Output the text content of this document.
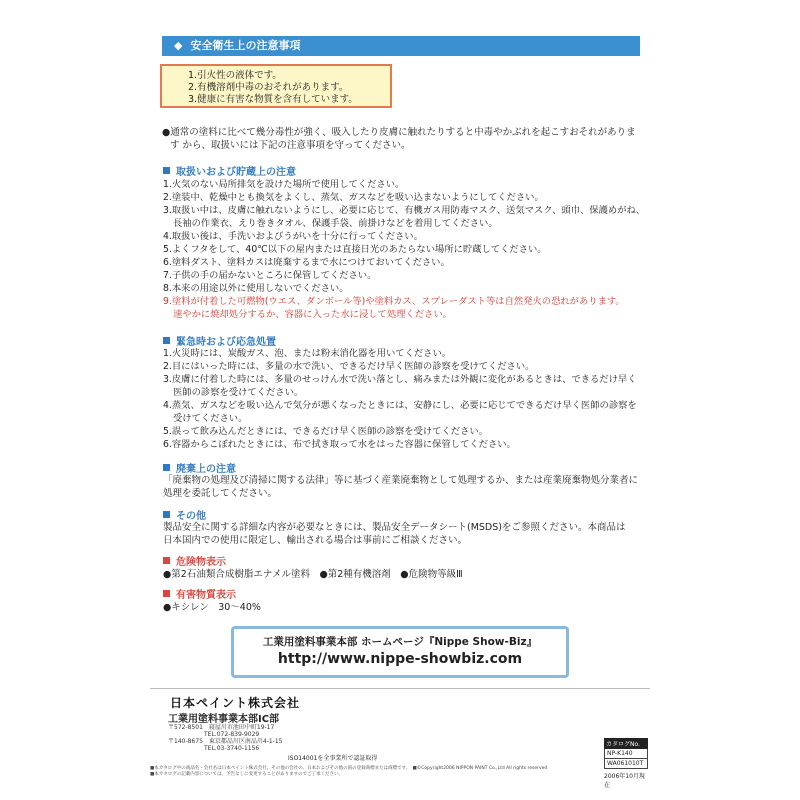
◆ 安全衛生上の注意事項
1.引火性の液体です。
2.有機溶剤中毒のおそれがあります。
3.健康に有害な物質を含有しています。
●通常の塗料に比べて幾分毒性が強く、吸入したり皮膚に触れたりすると中毒やかぶれを起こすおそれがありま
す から、取扱いには下記の注意事項を守ってください。
取扱いおよび貯蔵上の注意
1.火気のない局所排気を設けた場所で使用してください。
2.塗装中、乾燥中とも換気をよくし、蒸気、ガスなどを吸い込まないようにしてください。
3.取扱い中は、皮膚に触れないようにし、必要に応じて、有機ガス用防毒マスク、送気マスク、頭巾、保護めがね、
長袖の作業衣、えり巻きタオル、保護手袋、前掛けなどを着用してください。
4.取扱い後は、手洗いおよびうがいを十分に行ってください。
5.よくフタをして、40℃以下の屋内または直接日光のあたらない場所に貯蔵してください。
6.塗料ダスト、塗料カスは廃棄するまで水につけておいてください。
7.子供の手の届かないところに保管してください。
8.本来の用途以外に使用しないでください。
9.塗料が付着した可燃物(ウエス、ダンボール等)や塗料カス、スプレーダスト等は自然発火の恐れがあります。
速やかに焼却処分するか、容器に入った水に浸して処理ください。
緊急時および応急処置
1.火災時には、炭酸ガス、泡、または粉末消化器を用いてください。
2.目にはいった時には、多量の水で洗い、できるだけ早く医師の診察を受けてください。
3.皮膚に付着した時には、多量のせっけん水で洗い落とし、痛みまたは外観に変化があるときは、できるだけ早く
医師の診察を受けてください。
4.蒸気、ガスなどを吸い込んで気分が悪くなったときには、安静にし、必要に応じてできるだけ早く医師の診察を
受けてください。
5.誤って飲み込んだときには、できるだけ早く医師の診察を受けてください。
6.容器からこぼれたときには、布で拭き取って水をはった容器に保管してください。
廃棄上の注意
「廃棄物の処理及び清掃に関する法律」等に基づく産業廃棄物として処理するか、または産業廃棄物処分業者に
処理を委託してください。
その他
製品安全に関する詳細な内容が必要なときには、製品安全データシート(MSDS)をご参照ください。本商品は
日本国内での使用に限定し、輸出される場合は事前にご相談ください。
危険物表示
●第2石油類合成樹脂エナメル塗料　●第2種有機溶剤　●危険物等級Ⅲ
有害物質表示
●キシレン　30〜40%
工業用塗料事業本部 ホームページ『Nippe Show-Biz』
http://www.nippe-showbiz.com
日本ペイント株式会社
工業用塗料事業本部IC部
〒572-8501　寝屋川市池田中町19-17
　　　　　　TEL.072-839-9029
〒140-8675　東京都品川区南品川4-1-15
　　　　　　TEL.03-3740-1156
ISO14001を全事業所で認証取得
カタログNo.
NP-K140
WA061010T
2006年10月現在
■本カタログ中の商品名・会社名は日本ペイント株式会社、その他の会社の、日本およびその他の国の登録商標または商標です。　■©Copyright2006 NIPPON PAINT Co.,Ltd All rights reserved
■本カタログの記載内容については、予告なしに変更することがありますのでご了承ください。
